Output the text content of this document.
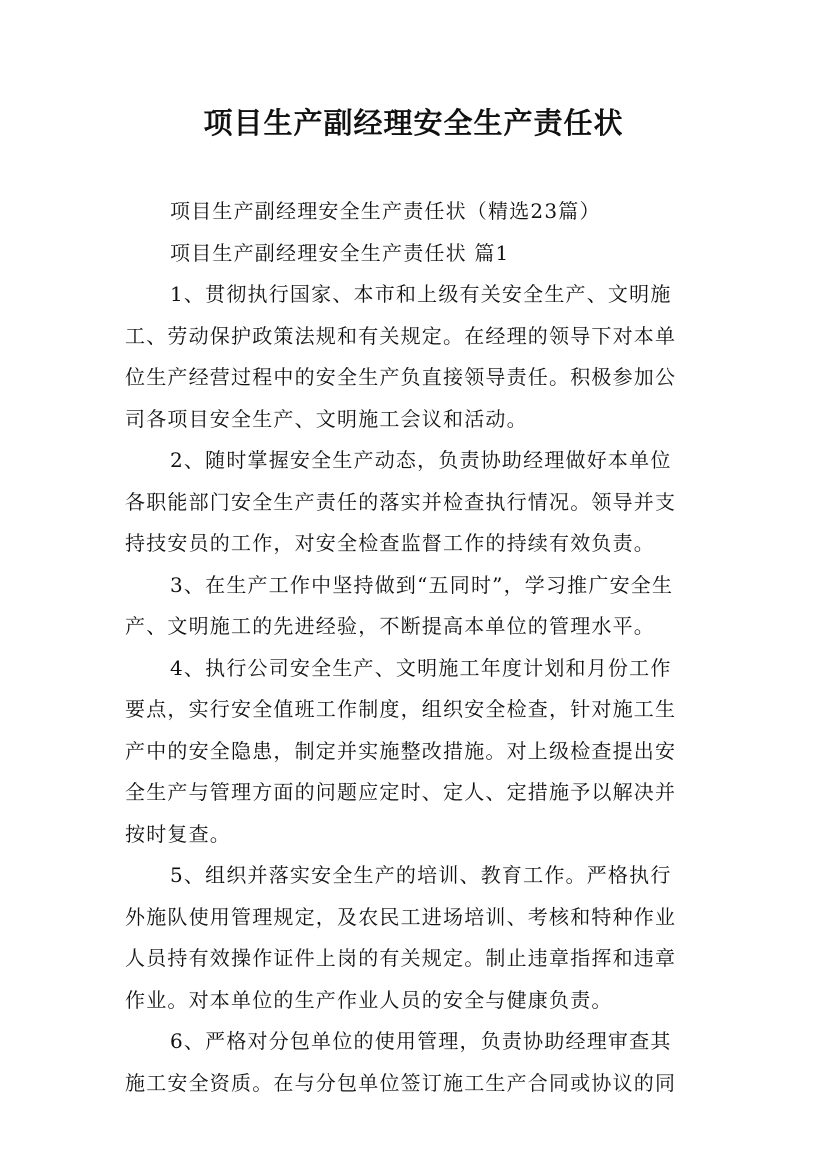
项目生产副经理安全生产责任状
项目生产副经理安全生产责任状（精选23篇）
项目生产副经理安全生产责任状 篇1
1、贯彻执行国家、本市和上级有关安全生产、文明施
工、劳动保护政策法规和有关规定。在经理的领导下对本单
位生产经营过程中的安全生产负直接领导责任。积极参加公
司各项目安全生产、文明施工会议和活动。
2、随时掌握安全生产动态，负责协助经理做好本单位
各职能部门安全生产责任的落实并检查执行情况。领导并支
持技安员的工作，对安全检查监督工作的持续有效负责。
3、在生产工作中坚持做到“五同时”，学习推广安全生
产、文明施工的先进经验，不断提高本单位的管理水平。
4、执行公司安全生产、文明施工年度计划和月份工作
要点，实行安全值班工作制度，组织安全检查，针对施工生
产中的安全隐患，制定并实施整改措施。对上级检查提出安
全生产与管理方面的问题应定时、定人、定措施予以解决并
按时复查。
5、组织并落实安全生产的培训、教育工作。严格执行
外施队使用管理规定，及农民工进场培训、考核和特种作业
人员持有效操作证件上岗的有关规定。制止违章指挥和违章
作业。对本单位的生产作业人员的安全与健康负责。
6、严格对分包单位的使用管理，负责协助经理审查其
施工安全资质。在与分包单位签订施工生产合同或协议的同
